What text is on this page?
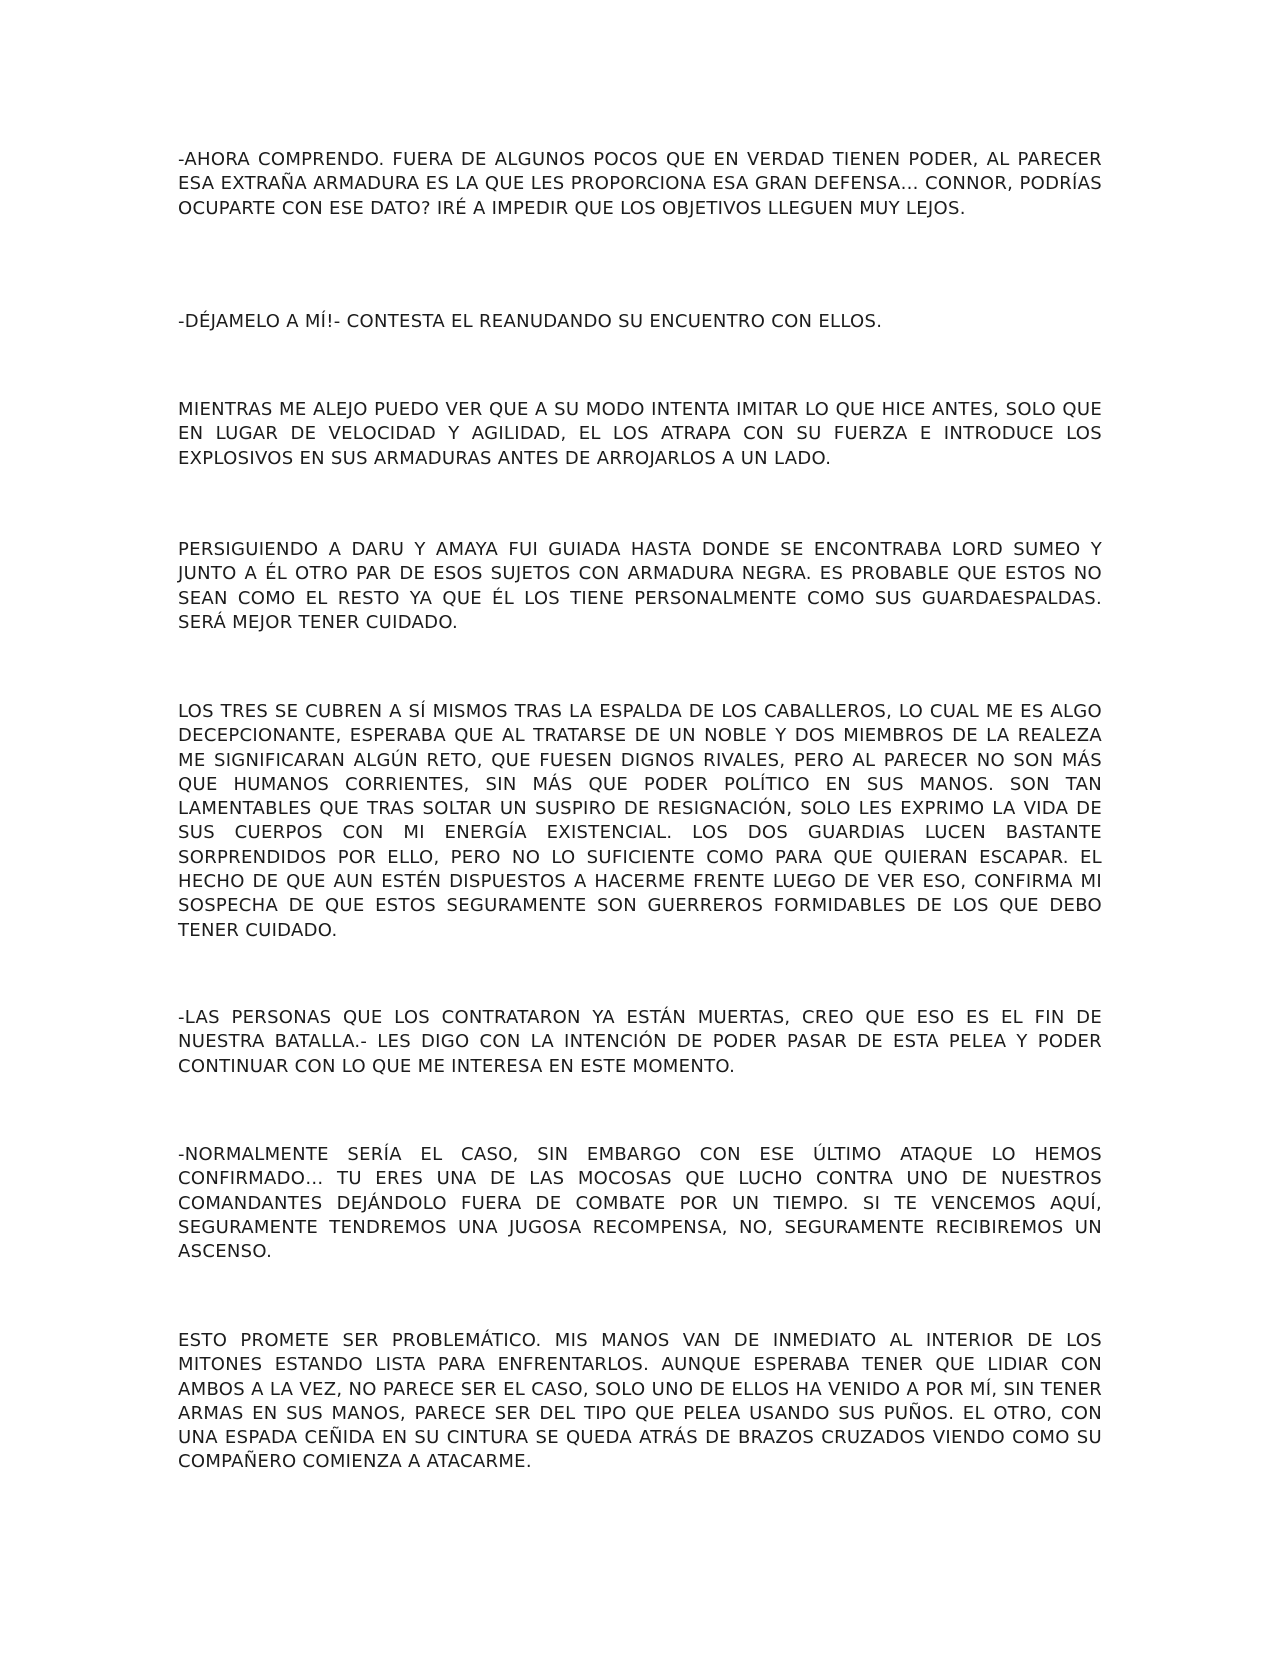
-AHORA COMPRENDO. FUERA DE ALGUNOS POCOS QUE EN VERDAD TIENEN PODER, AL PARECER ESA EXTRAÑA ARMADURA ES LA QUE LES PROPORCIONA ESA GRAN DEFENSA… CONNOR, PODRÍAS OCUPARTE CON ESE DATO? IRÉ A IMPEDIR QUE LOS OBJETIVOS LLEGUEN MUY LEJOS.

-DÉJAMELO A MÍ!- CONTESTA EL REANUDANDO SU ENCUENTRO CON ELLOS.

MIENTRAS ME ALEJO PUEDO VER QUE A SU MODO INTENTA IMITAR LO QUE HICE ANTES, SOLO QUE EN LUGAR DE VELOCIDAD Y AGILIDAD, EL LOS ATRAPA CON SU FUERZA E INTRODUCE LOS EXPLOSIVOS EN SUS ARMADURAS ANTES DE ARROJARLOS A UN LADO.

PERSIGUIENDO A DARU Y AMAYA FUI GUIADA HASTA DONDE SE ENCONTRABA LORD SUMEO Y JUNTO A ÉL OTRO PAR DE ESOS SUJETOS CON ARMADURA NEGRA. ES PROBABLE QUE ESTOS NO SEAN COMO EL RESTO YA QUE ÉL LOS TIENE PERSONALMENTE COMO SUS GUARDAESPALDAS. SERÁ MEJOR TENER CUIDADO.

LOS TRES SE CUBREN A SÍ MISMOS TRAS LA ESPALDA DE LOS CABALLEROS, LO CUAL ME ES ALGO DECEPCIONANTE, ESPERABA QUE AL TRATARSE DE UN NOBLE Y DOS MIEMBROS DE LA REALEZA ME SIGNIFICARAN ALGÚN RETO, QUE FUESEN DIGNOS RIVALES, PERO AL PARECER NO SON MÁS QUE HUMANOS CORRIENTES, SIN MÁS QUE PODER POLÍTICO EN SUS MANOS. SON TAN LAMENTABLES QUE TRAS SOLTAR UN SUSPIRO DE RESIGNACIÓN, SOLO LES EXPRIMO LA VIDA DE SUS CUERPOS CON MI ENERGÍA EXISTENCIAL. LOS DOS GUARDIAS LUCEN BASTANTE SORPRENDIDOS POR ELLO, PERO NO LO SUFICIENTE COMO PARA QUE QUIERAN ESCAPAR. EL HECHO DE QUE AUN ESTÉN DISPUESTOS A HACERME FRENTE LUEGO DE VER ESO, CONFIRMA MI SOSPECHA DE QUE ESTOS SEGURAMENTE SON GUERREROS FORMIDABLES DE LOS QUE DEBO TENER CUIDADO.

-LAS PERSONAS QUE LOS CONTRATARON YA ESTÁN MUERTAS, CREO QUE ESO ES EL FIN DE NUESTRA BATALLA.- LES DIGO CON LA INTENCIÓN DE PODER PASAR DE ESTA PELEA Y PODER CONTINUAR CON LO QUE ME INTERESA EN ESTE MOMENTO.

-NORMALMENTE SERÍA EL CASO, SIN EMBARGO CON ESE ÚLTIMO ATAQUE LO HEMOS CONFIRMADO… TU ERES UNA DE LAS MOCOSAS QUE LUCHO CONTRA UNO DE NUESTROS COMANDANTES DEJÁNDOLO FUERA DE COMBATE POR UN TIEMPO. SI TE VENCEMOS AQUÍ, SEGURAMENTE TENDREMOS UNA JUGOSA RECOMPENSA, NO, SEGURAMENTE RECIBIREMOS UN ASCENSO.

ESTO PROMETE SER PROBLEMÁTICO. MIS MANOS VAN DE INMEDIATO AL INTERIOR DE LOS MITONES ESTANDO LISTA PARA ENFRENTARLOS. AUNQUE ESPERABA TENER QUE LIDIAR CON AMBOS A LA VEZ, NO PARECE SER EL CASO, SOLO UNO DE ELLOS HA VENIDO A POR MÍ, SIN TENER ARMAS EN SUS MANOS, PARECE SER DEL TIPO QUE PELEA USANDO SUS PUÑOS. EL OTRO, CON UNA ESPADA CEÑIDA EN SU CINTURA SE QUEDA ATRÁS DE BRAZOS CRUZADOS VIENDO COMO SU COMPAÑERO COMIENZA A ATACARME.
